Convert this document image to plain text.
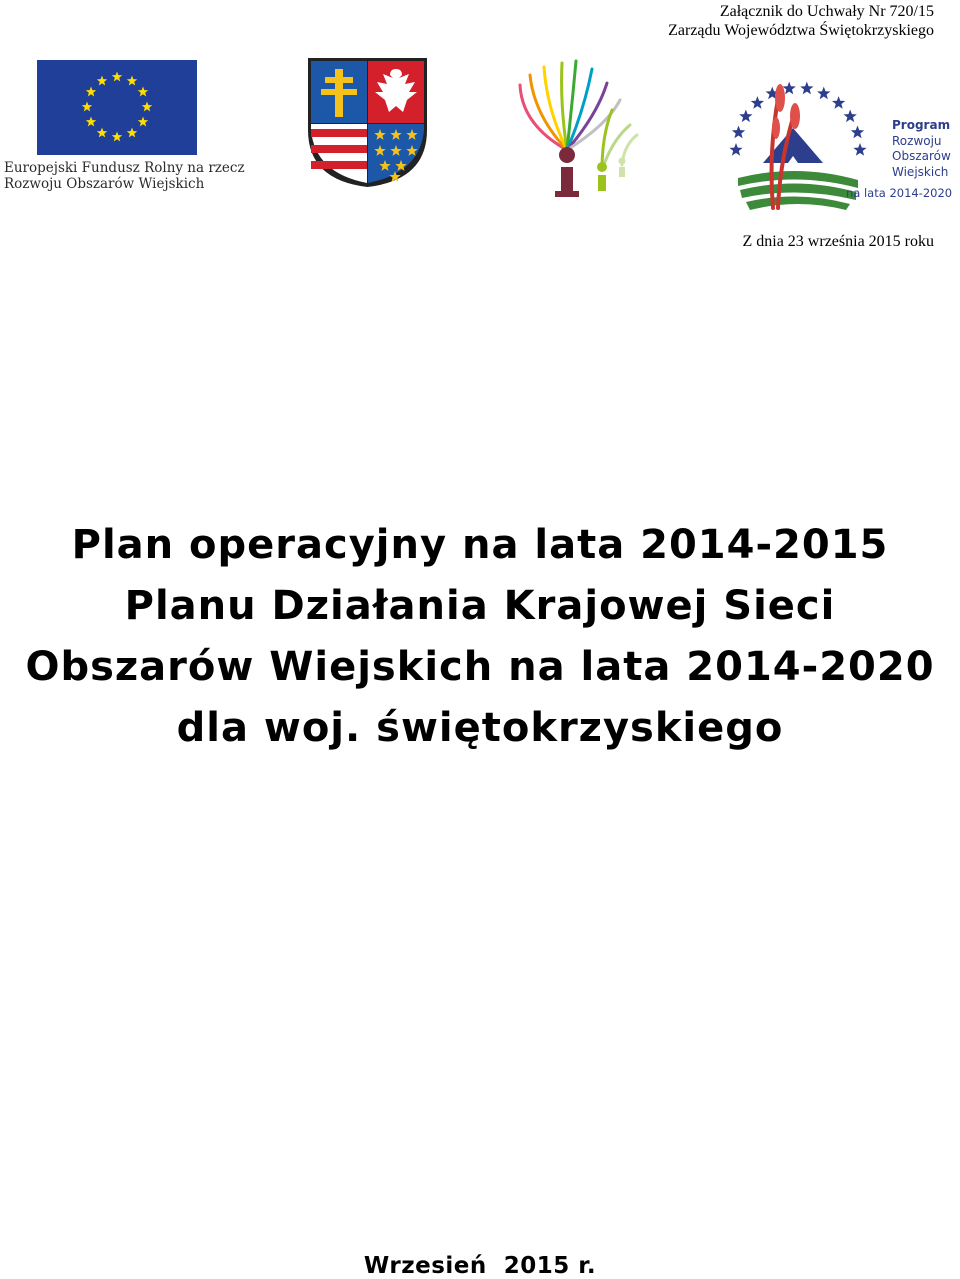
Załącznik do Uchwały Nr 720/15
Zarządu Województwa Świętokrzyskiego
Europejski Fundusz Rolny na rzecz
Rozwoju Obszarów Wiejskich
Program
Rozwoju
Obszarów
Wiejskich
na lata 2014-2020
Z dnia 23 września 2015 roku
Plan operacyjny na lata 2014-2015
Planu Działania Krajowej Sieci
Obszarów Wiejskich na lata 2014-2020
dla woj. świętokrzyskiego
Wrzesień  2015 r.
